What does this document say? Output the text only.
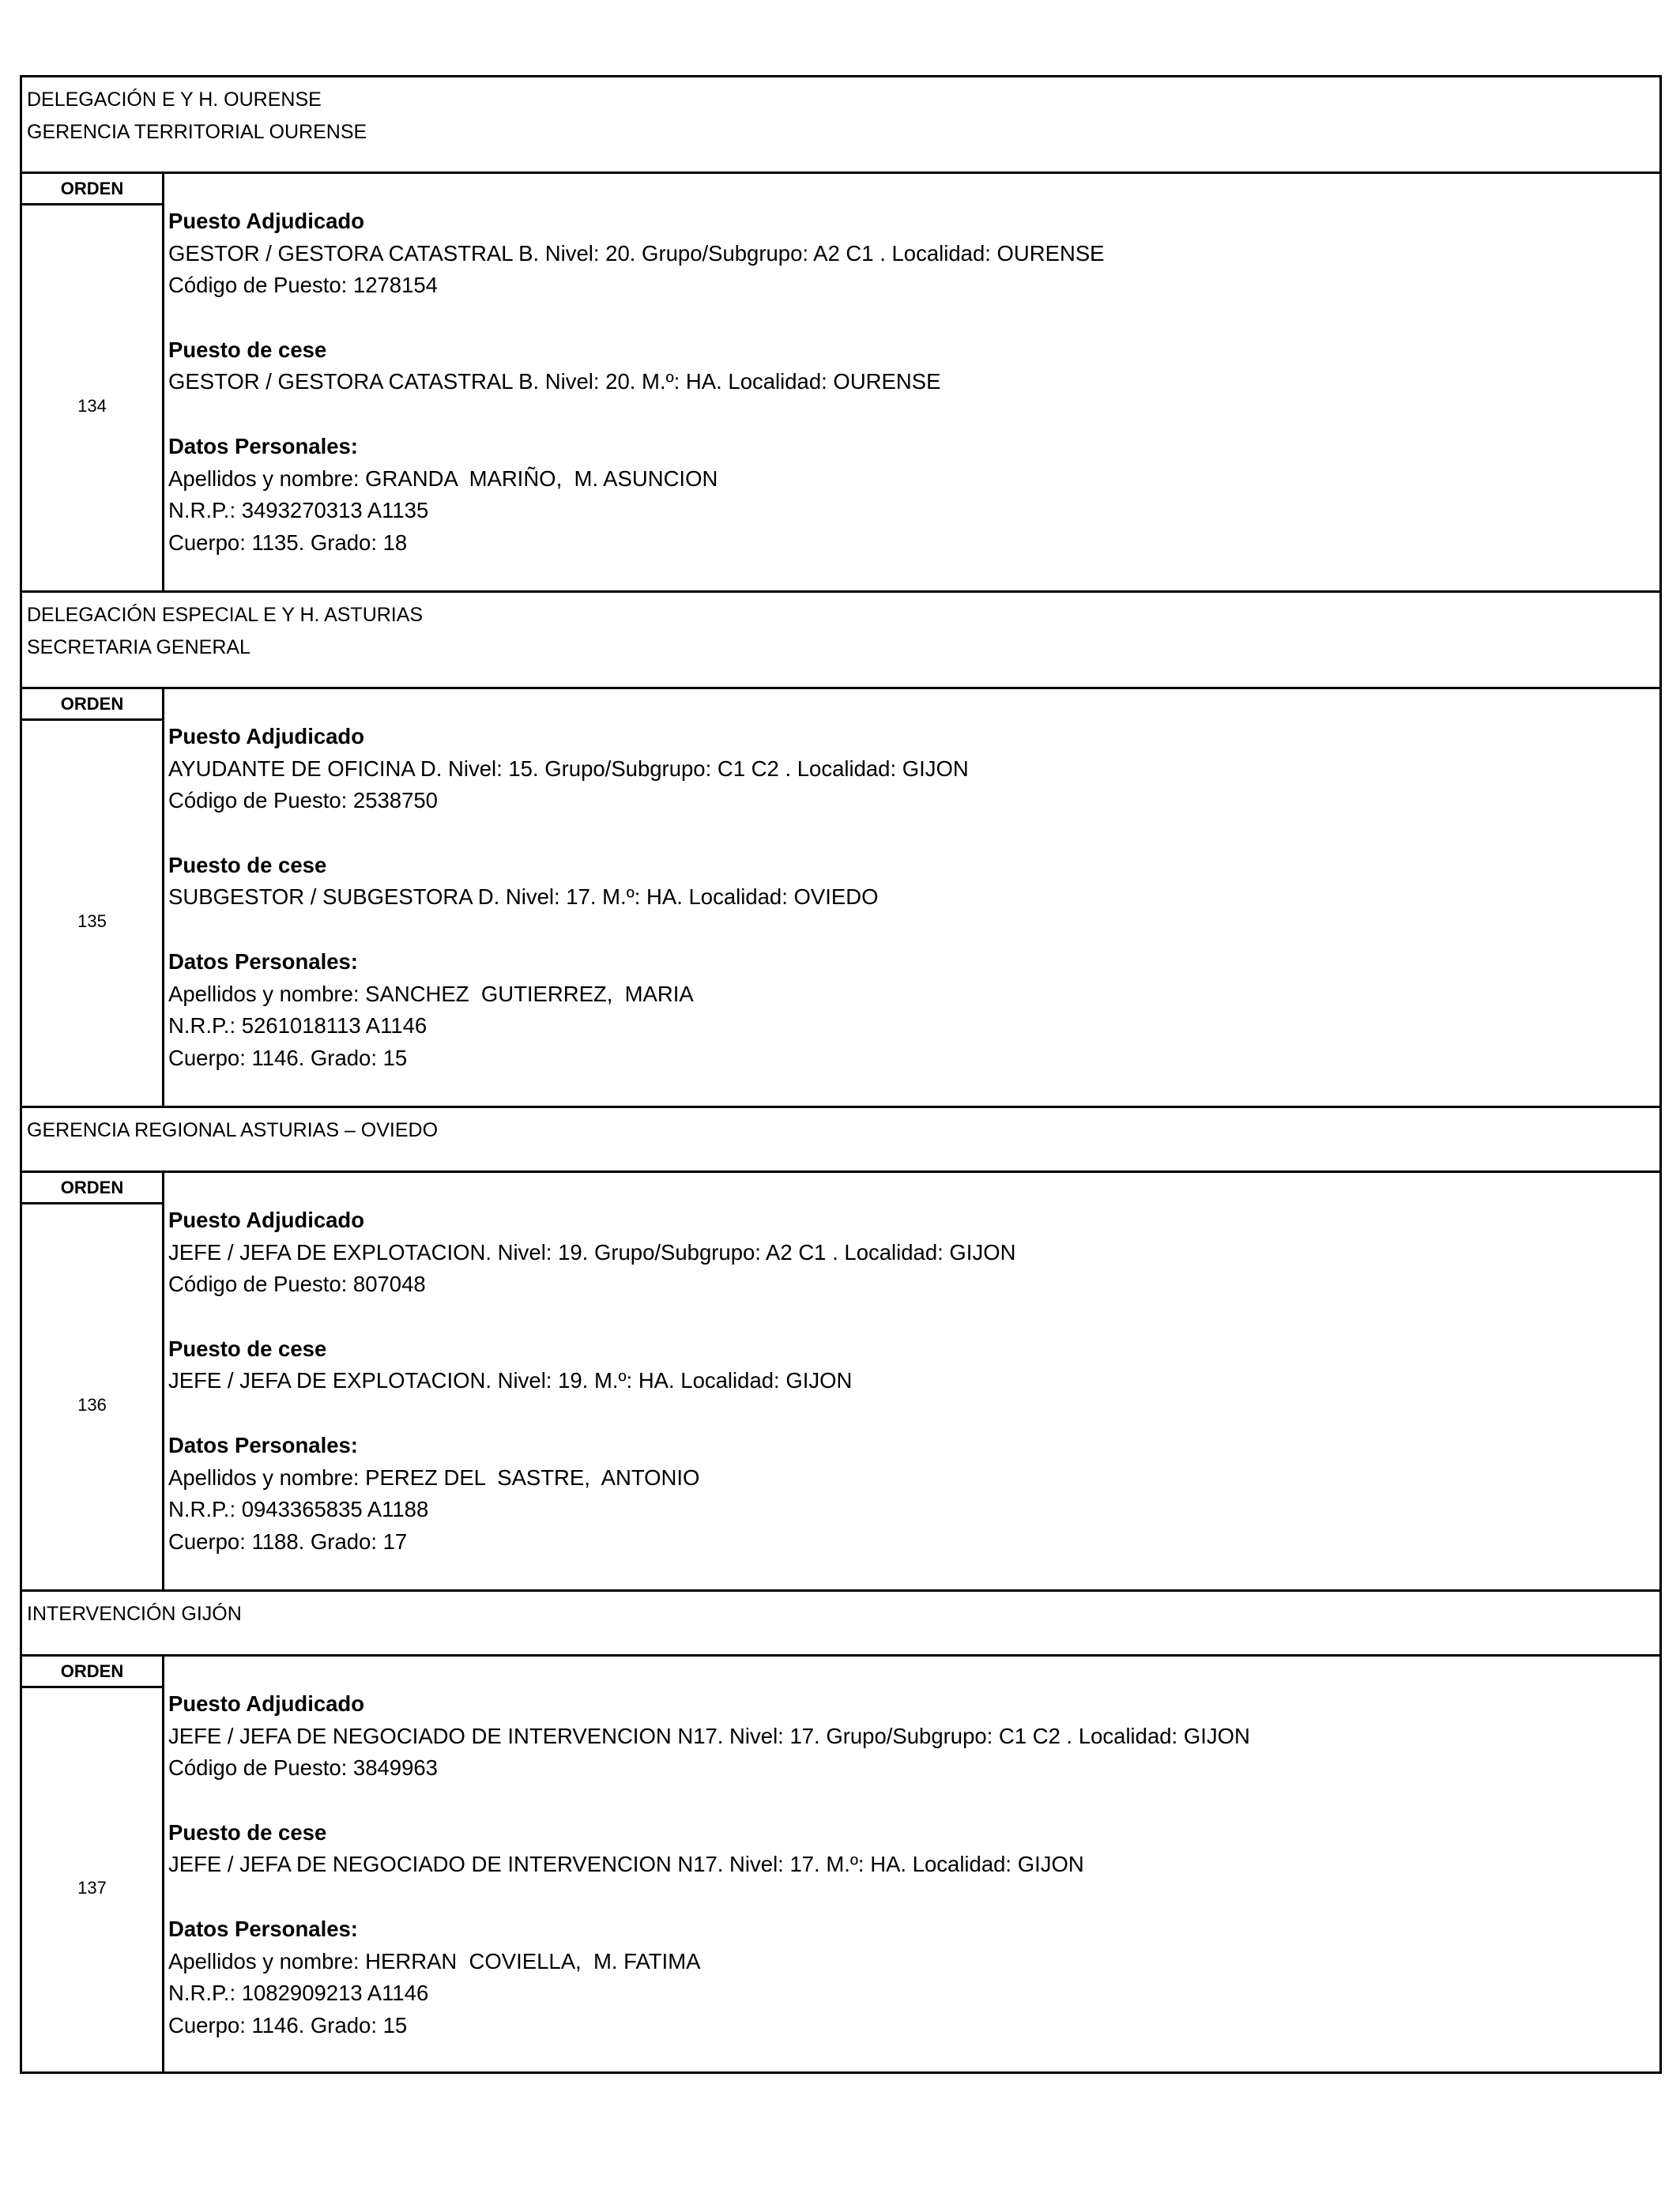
DELEGACIÓN E Y H. OURENSE
GERENCIA TERRITORIAL OURENSE
ORDEN
134
Puesto Adjudicado
GESTOR / GESTORA CATASTRAL B. Nivel: 20. Grupo/Subgrupo: A2 C1 . Localidad: OURENSE
Código de Puesto: 1278154
Puesto de cese
GESTOR / GESTORA CATASTRAL B. Nivel: 20. M.º: HA. Localidad: OURENSE
Datos Personales:
Apellidos y nombre: GRANDA  MARIÑO,  M. ASUNCION
N.R.P.: 3493270313 A1135
Cuerpo: 1135. Grado: 18
DELEGACIÓN ESPECIAL E Y H. ASTURIAS
SECRETARIA GENERAL
ORDEN
135
Puesto Adjudicado
AYUDANTE DE OFICINA D. Nivel: 15. Grupo/Subgrupo: C1 C2 . Localidad: GIJON
Código de Puesto: 2538750
Puesto de cese
SUBGESTOR / SUBGESTORA D. Nivel: 17. M.º: HA. Localidad: OVIEDO
Datos Personales:
Apellidos y nombre: SANCHEZ  GUTIERREZ,  MARIA
N.R.P.: 5261018113 A1146
Cuerpo: 1146. Grado: 15
GERENCIA REGIONAL ASTURIAS – OVIEDO
ORDEN
136
Puesto Adjudicado
JEFE / JEFA DE EXPLOTACION. Nivel: 19. Grupo/Subgrupo: A2 C1 . Localidad: GIJON
Código de Puesto: 807048
Puesto de cese
JEFE / JEFA DE EXPLOTACION. Nivel: 19. M.º: HA. Localidad: GIJON
Datos Personales:
Apellidos y nombre: PEREZ DEL  SASTRE,  ANTONIO
N.R.P.: 0943365835 A1188
Cuerpo: 1188. Grado: 17
INTERVENCIÓN GIJÓN
ORDEN
137
Puesto Adjudicado
JEFE / JEFA DE NEGOCIADO DE INTERVENCION N17. Nivel: 17. Grupo/Subgrupo: C1 C2 . Localidad: GIJON
Código de Puesto: 3849963
Puesto de cese
JEFE / JEFA DE NEGOCIADO DE INTERVENCION N17. Nivel: 17. M.º: HA. Localidad: GIJON
Datos Personales:
Apellidos y nombre: HERRAN  COVIELLA,  M. FATIMA
N.R.P.: 1082909213 A1146
Cuerpo: 1146. Grado: 15
